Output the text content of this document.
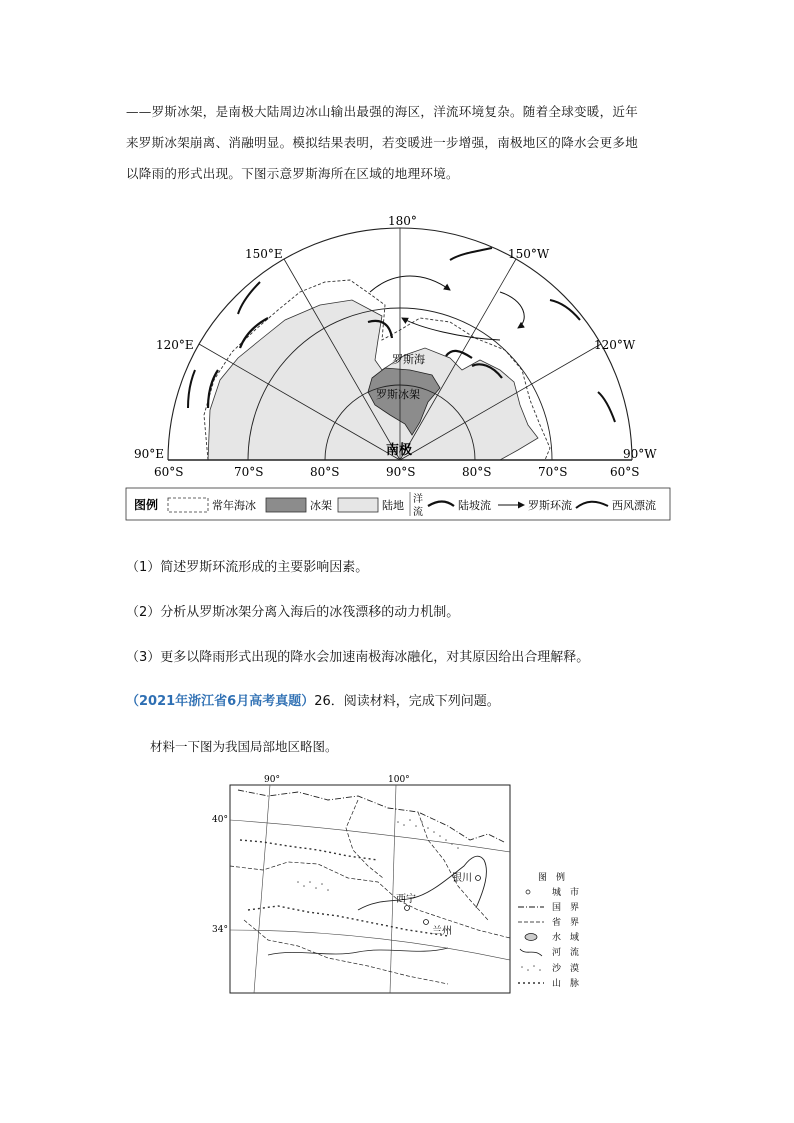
——罗斯冰架，是南极大陆周边冰山输出最强的海区，洋流环境复杂。随着全球变暖，近年
来罗斯冰架崩离、消融明显。模拟结果表明，若变暖进一步增强，南极地区的降水会更多地
以降雨的形式出现。下图示意罗斯海所在区域的地理环境。
180°
150°E	150°W
120°E	120°W
90°E	90°W
60°S	70°S	80°S	90°S	80°S	70°S	60°S
罗斯海
罗斯冰架
南极
图例	常年海冰	冰架	陆地 洋
流
陆坡流	罗斯环流	西风漂流
（1）简述罗斯环流形成的主要影响因素。
（2）分析从罗斯冰架分离入海后的冰筏漂移的动力机制。
（3）更多以降雨形式出现的降水会加速南极海冰融化，对其原因给出合理解释。
（2021年浙江省6月高考真题）26．阅读材料，完成下列问题。
材料一下图为我国局部地区略图。
90°	100°
40°
34°
银川
西宁
兰州
图　例
城　市
国　界
省　界
水　域
河　流
沙　漠
山　脉
